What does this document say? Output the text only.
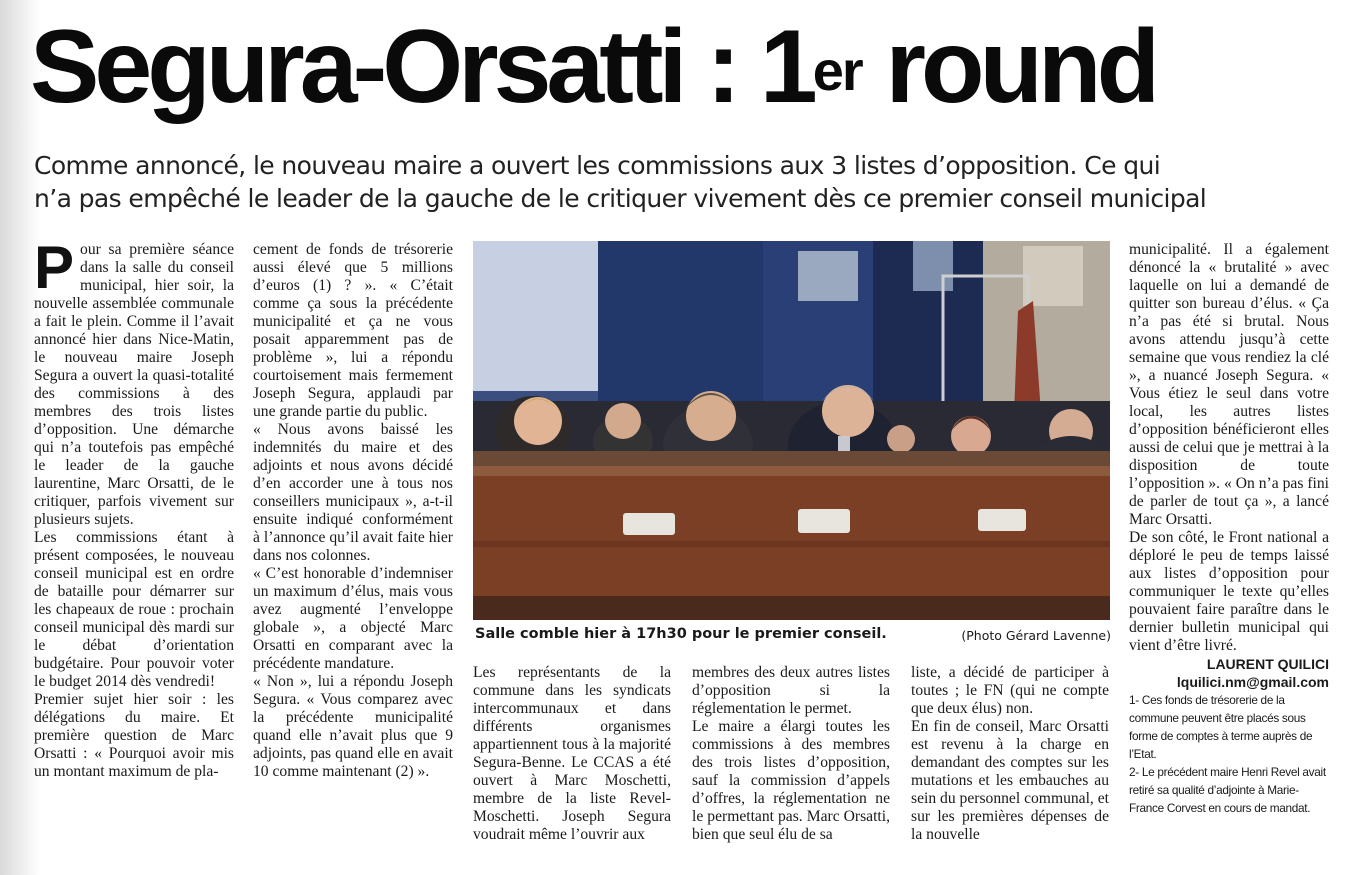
Segura-Orsatti : 1er round
Comme annoncé, le nouveau maire a ouvert les commissions aux 3 listes d’opposition. Ce qui
n’a pas empêché le leader de la gauche de le critiquer vivement dès ce premier conseil municipal

Pour sa première séance dans la salle du conseil municipal, hier soir, la nouvelle assemblée communale a fait le plein. Comme il l’avait annoncé hier dans Nice-Matin, le nouveau maire Joseph Segura a ouvert la quasi-totalité des commissions à des membres des trois listes d’opposition. Une démarche qui n’a toutefois pas empêché le leader de la gauche laurentine, Marc Orsatti, de le critiquer, parfois vivement sur plusieurs sujets.

Les commissions étant à présent composées, le nouveau conseil municipal est en ordre de bataille pour démarrer sur les chapeaux de roue : prochain conseil municipal dès mardi sur le débat d’orientation budgétaire. Pour pouvoir voter le budget 2014 dès vendredi!

Premier sujet hier soir : les délégations du maire. Et première question de Marc Orsatti : « Pourquoi avoir mis un montant maximum de pla-

cement de fonds de trésorerie aussi élevé que 5 millions d’euros (1) ? ». « C’était comme ça sous la précédente municipalité et ça ne vous posait apparemment pas de problème », lui a répondu courtoisement mais fermement Joseph Segura, applaudi par une grande partie du public.

« Nous avons baissé les indemnités du maire et des adjoints et nous avons décidé d’en accorder une à tous nos conseillers municipaux », a-t-il ensuite indiqué conformément à l’annonce qu’il avait faite hier dans nos colonnes.

« C’est honorable d’indemniser un maximum d’élus, mais vous avez augmenté l’enveloppe globale », a objecté Marc Orsatti en comparant avec la précédente mandature.

« Non », lui a répondu Joseph Segura. « Vous comparez avec la précédente municipalité quand elle n’avait plus que 9 adjoints, pas quand elle en avait 10 comme maintenant (2) ».

Salle comble hier à 17h30 pour le premier conseil.	(Photo Gérard Lavenne)

Les représentants de la commune dans les syndicats intercommunaux et dans différents organismes appartiennent tous à la majorité Segura-Benne. Le CCAS a été ouvert à Marc Moschetti, membre de la liste Revel-Moschetti. Joseph Segura voudrait même l’ouvrir aux

membres des deux autres listes d’opposition si la réglementation le permet.

Le maire a élargi toutes les commissions à des membres des trois listes d’opposition, sauf la commission d’appels d’offres, la réglementation ne le permettant pas. Marc Orsatti, bien que seul élu de sa

liste, a décidé de participer à toutes ; le FN (qui ne compte que deux élus) non.

En fin de conseil, Marc Orsatti est revenu à la charge en demandant des comptes sur les mutations et les embauches au sein du personnel communal, et sur les premières dépenses de la nouvelle

municipalité. Il a également dénoncé la « brutalité » avec laquelle on lui a demandé de quitter son bureau d’élus. « Ça n’a pas été si brutal. Nous avons attendu jusqu’à cette semaine que vous rendiez la clé », a nuancé Joseph Segura. « Vous étiez le seul dans votre local, les autres listes d’opposition bénéficieront elles aussi de celui que je mettrai à la disposition de toute l’opposition ». « On n’a pas fini de parler de tout ça », a lancé Marc Orsatti.

De son côté, le Front national a déploré le peu de temps laissé aux listes d’opposition pour communiquer le texte qu’elles pouvaient faire paraître dans le dernier bulletin municipal qui vient d’être livré.

LAURENT QUILICI
lquilici.nm@gmail.com

1- Ces fonds de trésorerie de la commune peuvent être placés sous forme de comptes à terme auprès de l’Etat.

2- Le précédent maire Henri Revel avait retiré sa qualité d’adjointe à Marie-France Corvest en cours de mandat.
